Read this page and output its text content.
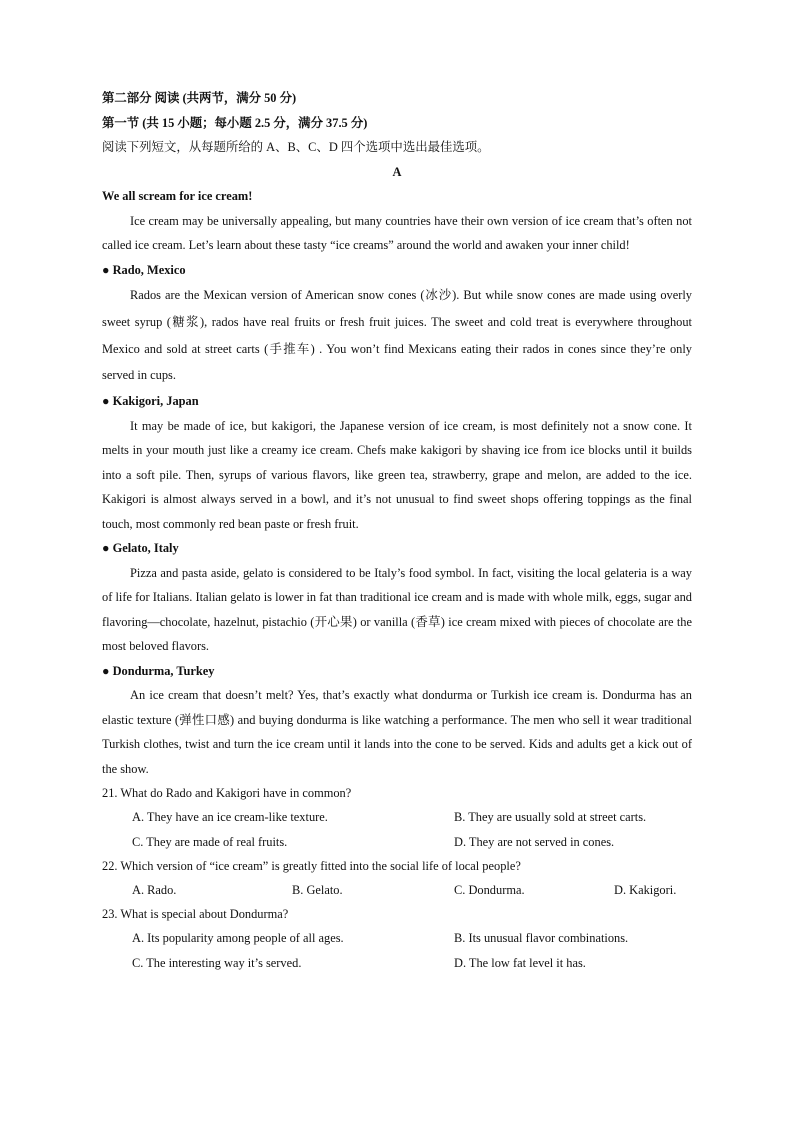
第二部分 阅读 (共两节，满分 50 分)
第一节 (共 15 小题；每小题 2.5 分，满分 37.5 分)
阅读下列短文，从每题所给的 A、B、C、D 四个选项中选出最佳选项。
A
We all scream for ice cream!

Ice cream may be universally appealing, but many countries have their own version of ice cream that’s often not called ice cream. Let’s learn about these tasty “ice creams” around the world and awaken your inner child!

● Rado, Mexico

Rados are the Mexican version of American snow cones (冰沙). But while snow cones are made using overly sweet syrup (糖浆), rados have real fruits or fresh fruit juices. The sweet and cold treat is everywhere throughout Mexico and sold at street carts (手推车) . You won’t find Mexicans eating their rados in cones since they’re only served in cups.

● Kakigori, Japan

It may be made of ice, but kakigori, the Japanese version of ice cream, is most definitely not a snow cone. It melts in your mouth just like a creamy ice cream. Chefs make kakigori by shaving ice from ice blocks until it builds into a soft pile. Then, syrups of various flavors, like green tea, strawberry, grape and melon, are added to the ice. Kakigori is almost always served in a bowl, and it’s not unusual to find sweet shops offering toppings as the final touch, most commonly red bean paste or fresh fruit.

● Gelato, Italy

Pizza and pasta aside, gelato is considered to be Italy’s food symbol. In fact, visiting the local gelateria is a way of life for Italians. Italian gelato is lower in fat than traditional ice cream and is made with whole milk, eggs, sugar and flavoring—chocolate, hazelnut, pistachio (开心果) or vanilla (香草) ice cream mixed with pieces of chocolate are the most beloved flavors.

● Dondurma, Turkey

An ice cream that doesn’t melt? Yes, that’s exactly what dondurma or Turkish ice cream is. Dondurma has an elastic texture (弹性口感) and buying dondurma is like watching a performance. The men who sell it wear traditional Turkish clothes, twist and turn the ice cream until it lands into the cone to be served. Kids and adults get a kick out of the show.

21. What do Rado and Kakigori have in common?
A. They have an ice cream-like texture.	B. They are usually sold at street carts.
C. They are made of real fruits.	D. They are not served in cones.
22. Which version of “ice cream” is greatly fitted into the social life of local people?
A. Rado.	B. Gelato.	C. Dondurma.	D. Kakigori.
23. What is special about Dondurma?
A. Its popularity among people of all ages.	B. Its unusual flavor combinations.
C. The interesting way it’s served.	D. The low fat level it has.
